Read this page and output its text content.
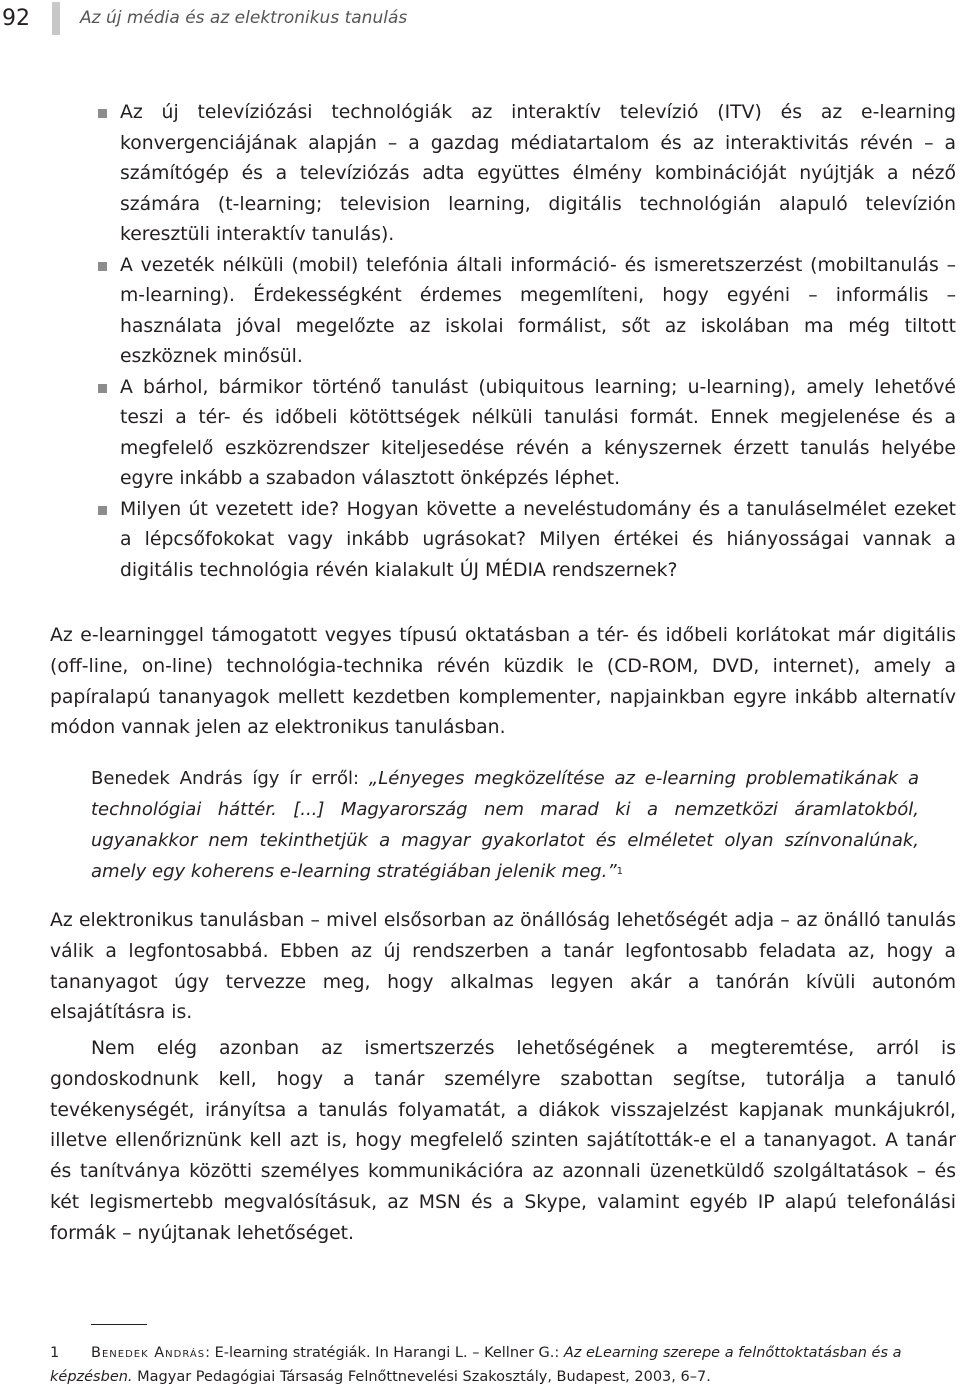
92	Az új média és az elektronikus tanulás
Az új televíziózási technológiák az interaktív televízió (ITV) és az e-learning konvergenciájának alapján – a gazdag médiatartalom és az interaktivitás révén – a számítógép és a televíziózás adta együttes élmény kombinációját nyújtják a néző számára (t-learning; television learning, digitális technológián alapuló televízión keresztüli interaktív tanulás).
A vezeték nélküli (mobil) telefónia általi információ- és ismeretszerzést (mobiltanulás – m-learning). Érdekességként érdemes megemlíteni, hogy egyéni – informális – használata jóval megelőzte az iskolai formálist, sőt az iskolában ma még tiltott eszköznek minősül.
A bárhol, bármikor történő tanulást (ubiquitous learning; u-learning), amely lehetővé teszi a tér- és időbeli kötöttségek nélküli tanulási formát. Ennek megjelenése és a megfelelő eszközrendszer kiteljesedése révén a kényszernek érzett tanulás helyébe egyre inkább a szabadon választott önképzés léphet.
Milyen út vezetett ide? Hogyan követte a neveléstudomány és a tanuláselmélet ezeket a lépcsőfokokat vagy inkább ugrásokat? Milyen értékei és hiányosságai vannak a digitális technológia révén kialakult ÚJ MÉDIA rendszernek?

Az e-learninggel támogatott vegyes típusú oktatásban a tér- és időbeli korlátokat már digitális (off-line, on-line) technológia-technika révén küzdik le (CD-ROM, DVD, internet), amely a papíralapú tananyagok mellett kezdetben komplementer, napjainkban egyre inkább alternatív módon vannak jelen az elektronikus tanulásban.

Benedek András így ír erről: „Lényeges megközelítése az e-learning problematikának a technológiai háttér. [...] Magyarország nem marad ki a nemzetközi áramlatokból, ugyanakkor nem tekinthetjük a magyar gyakorlatot és elméletet olyan színvonalúnak, amely egy koherens e-learning stratégiában jelenik meg.”$^1$

Az elektronikus tanulásban – mivel elsősorban az önállóság lehetőségét adja – az önálló tanulás válik a legfontosabbá. Ebben az új rendszerben a tanár legfontosabb feladata az, hogy a tananyagot úgy tervezze meg, hogy alkalmas legyen akár a tanórán kívüli autonóm elsajátításra is.

Nem elég azonban az ismertszerzés lehetőségének a megteremtése, arról is gondoskodnunk kell, hogy a tanár személyre szabottan segítse, tutorálja a tanuló tevékenységét, irányítsa a tanulás folyamatát, a diákok visszajelzést kapjanak munkájukról, illetve ellenőriznünk kell azt is, hogy megfelelő szinten sajátították-e el a tananyagot. A tanár és tanítványa közötti személyes kommunikációra az azonnali üzenetküldő szolgáltatások – és két legismertebb megvalósításuk, az MSN és a Skype, valamint egyéb IP alapú telefonálási formák – nyújtanak lehetőséget.

1 Benedek András: E-learning stratégiák. In Harangi L. – Kellner G.: Az eLearning szerepe a felnőttoktatásban és a képzésben. Magyar Pedagógiai Társaság Felnőttnevelési Szakosztály, Budapest, 2003, 6–7.
